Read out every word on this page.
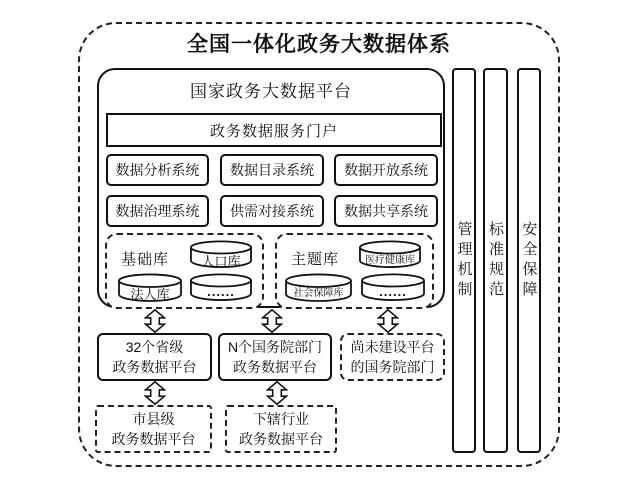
全国一体化政务大数据体系
国家政务大数据平台
政务数据服务门户
数据分析系统	数据目录系统	数据开放系统
数据治理系统	供需对接系统	数据共享系统
基础库	人口库
法人库	......
主题库	医疗健康库
社会保障库	......
32个省级
政务数据平台
N个国务院部门
政务数据平台
尚未建设平台
的国务院部门
市县级
政务数据平台
下辖行业
政务数据平台
管理机制 标准规范 安全保障
